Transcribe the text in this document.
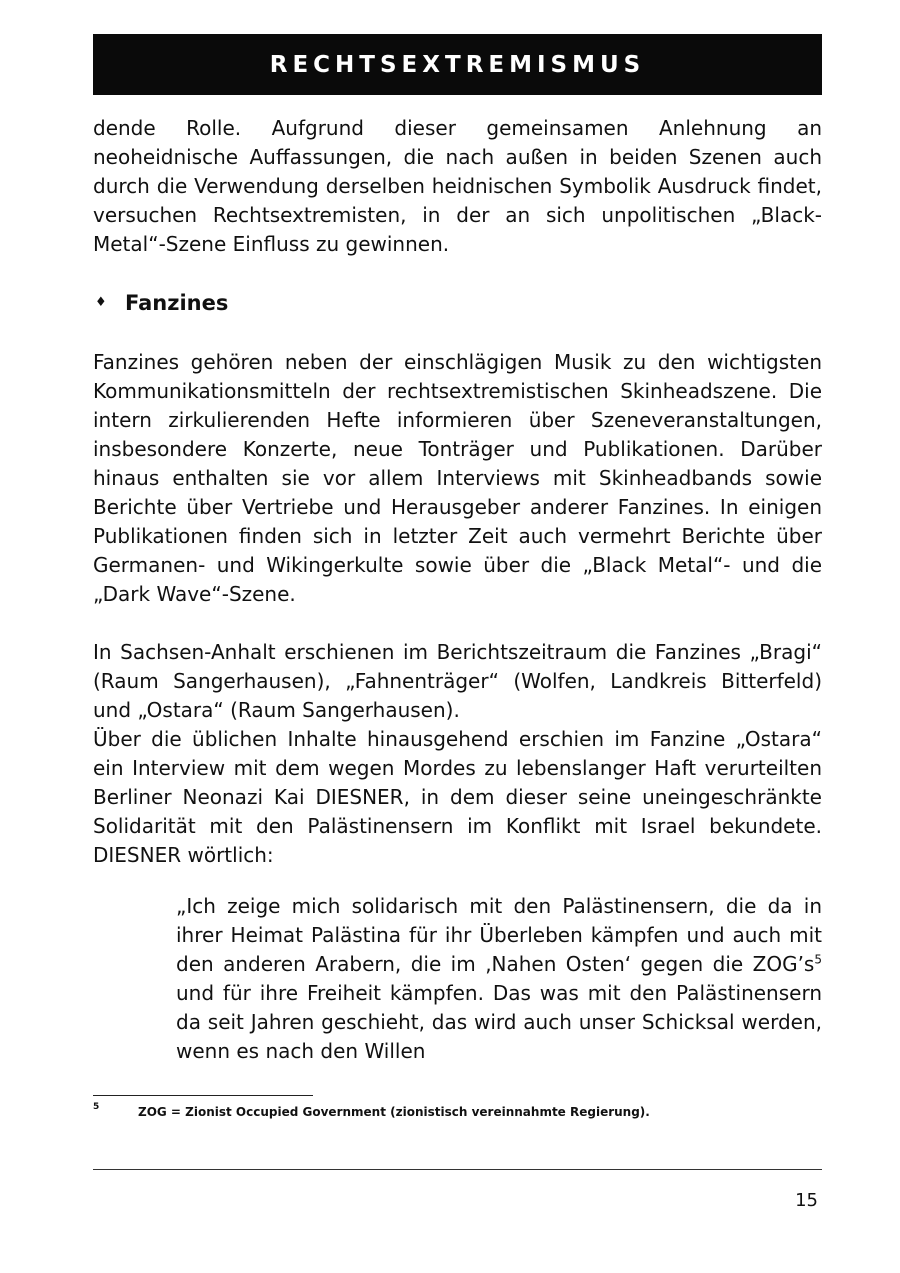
RECHTSEXTREMISMUS

dende Rolle. Aufgrund dieser gemeinsamen Anlehnung an neoheidnische Auffassungen, die nach außen in beiden Szenen auch durch die Verwendung derselben heidnischen Symbolik Ausdruck findet, versuchen Rechtsextremisten, in der an sich unpolitischen „Black-Metal“-Szene Einfluss zu gewinnen.

♦ Fanzines

Fanzines gehören neben der einschlägigen Musik zu den wichtigsten Kommunikationsmitteln der rechtsextremistischen Skinheadszene. Die intern zirkulierenden Hefte informieren über Szeneveranstaltungen, insbesondere Konzerte, neue Tonträger und Publikationen. Darüber hinaus enthalten sie vor allem Interviews mit Skinheadbands sowie Berichte über Vertriebe und Herausgeber anderer Fanzines. In einigen Publikationen finden sich in letzter Zeit auch vermehrt Berichte über Germanen- und Wikingerkulte sowie über die „Black Metal“- und die „Dark Wave“-Szene.

In Sachsen-Anhalt erschienen im Berichtszeitraum die Fanzines „Bragi“ (Raum Sangerhausen), „Fahnenträger“ (Wolfen, Landkreis Bitterfeld) und „Ostara“ (Raum Sangerhausen).

Über die üblichen Inhalte hinausgehend erschien im Fanzine „Ostara“ ein Interview mit dem wegen Mordes zu lebenslanger Haft verurteilten Berliner Neonazi Kai DIESNER, in dem dieser seine uneingeschränkte Solidarität mit den Palästinensern im Konflikt mit Israel bekundete. DIESNER wörtlich:

„Ich zeige mich solidarisch mit den Palästinensern, die da in ihrer Heimat Palästina für ihr Überleben kämpfen und auch mit den anderen Arabern, die im ‚Nahen Osten‘ gegen die $ZOG’s^5$ und für ihre Freiheit kämpfen. Das was mit den Palästinensern da seit Jahren geschieht, das wird auch unser Schicksal werden, wenn es nach den Willen

5	ZOG = Zionist Occupied Government (zionistisch vereinnahmte Regierung).
15
